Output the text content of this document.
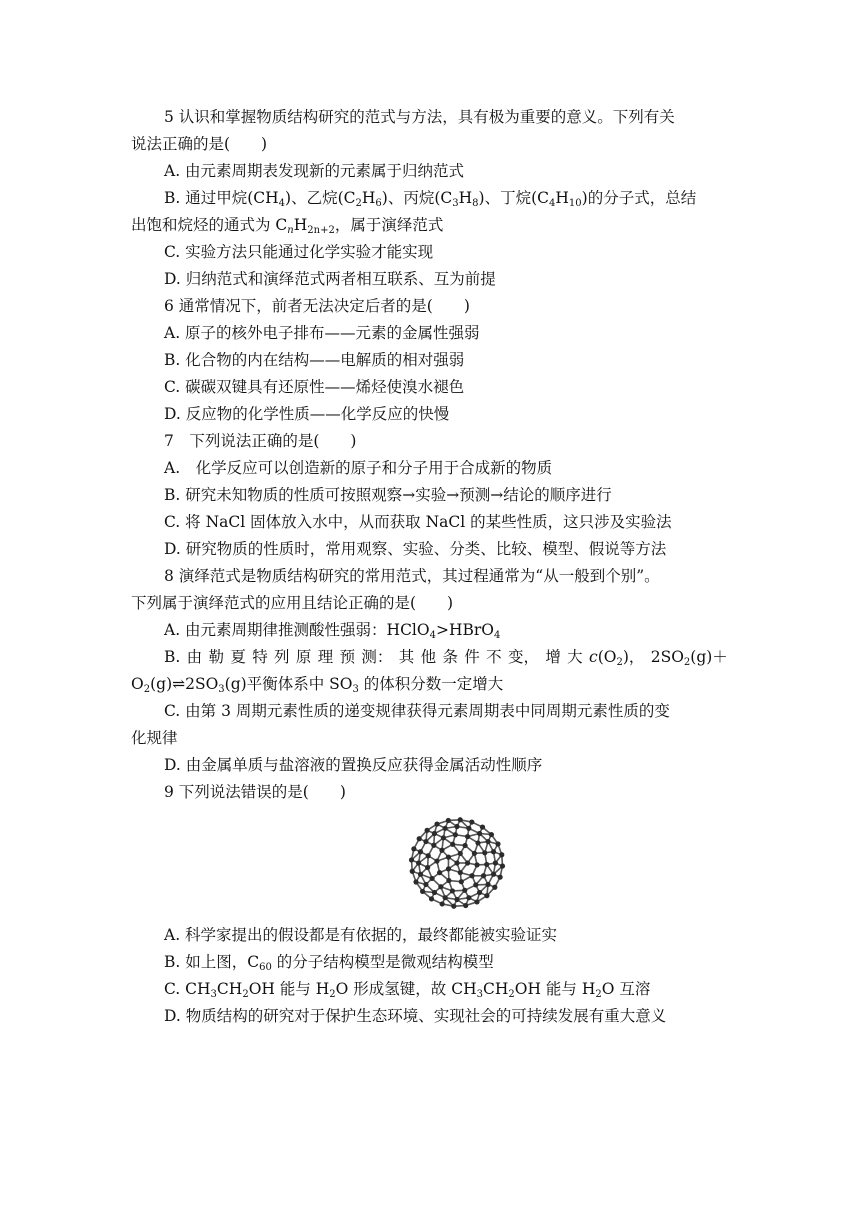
5 认识和掌握物质结构研究的范式与方法，具有极为重要的意义。下列有关
说法正确的是(　　)
A. 由元素周期表发现新的元素属于归纳范式
B. 通过甲烷$(CH_4)$、乙烷$(C_2H_6)$、丙烷$(C_3H_8)$、丁烷$(C_4H_{10})$的分子式，总结
出饱和烷烃的通式为 $C_nH_{2n+2}$，属于演绎范式
C. 实验方法只能通过化学实验才能实现
D. 归纳范式和演绎范式两者相互联系、互为前提
6 通常情况下，前者无法决定后者的是(　　)
A. 原子的核外电子排布——元素的金属性强弱
B. 化合物的内在结构——电解质的相对强弱
C. 碳碳双键具有还原性——烯烃使溴水褪色
D. 反应物的化学性质——化学反应的快慢
7　下列说法正确的是(　　)
A.　化学反应可以创造新的原子和分子用于合成新的物质
B. 研究未知物质的性质可按照观察→实验→预测→结论的顺序进行
C. 将 NaCl 固体放入水中，从而获取 NaCl 的某些性质，这只涉及实验法
D. 研究物质的性质时，常用观察、实验、分类、比较、模型、假说等方法
8 演绎范式是物质结构研究的常用范式，其过程通常为“从一般到个别”。
下列属于演绎范式的应用且结论正确的是(　　)
A. 由元素周期律推测酸性强弱：HClO$_4$>HBrO$_4$
B. 由 勒 夏 特 列 原 理 预 测： 其 他 条 件 不 变， 增 大 $c(O_2)$， $2SO_2(g)+$
$O_2(g)\rightleftharpoons 2SO_3(g)$平衡体系中 $SO_3$ 的体积分数一定增大
C. 由第 3 周期元素性质的递变规律获得元素周期表中同周期元素性质的变
化规律
D. 由金属单质与盐溶液的置换反应获得金属活动性顺序
9 下列说法错误的是(　　)
A. 科学家提出的假设都是有依据的，最终都能被实验证实
B. 如上图，$C_{60}$ 的分子结构模型是微观结构模型
C. $CH_3CH_2OH$ 能与 $H_2O$ 形成氢键，故 $CH_3CH_2OH$ 能与 $H_2O$ 互溶
D. 物质结构的研究对于保护生态环境、实现社会的可持续发展有重大意义
